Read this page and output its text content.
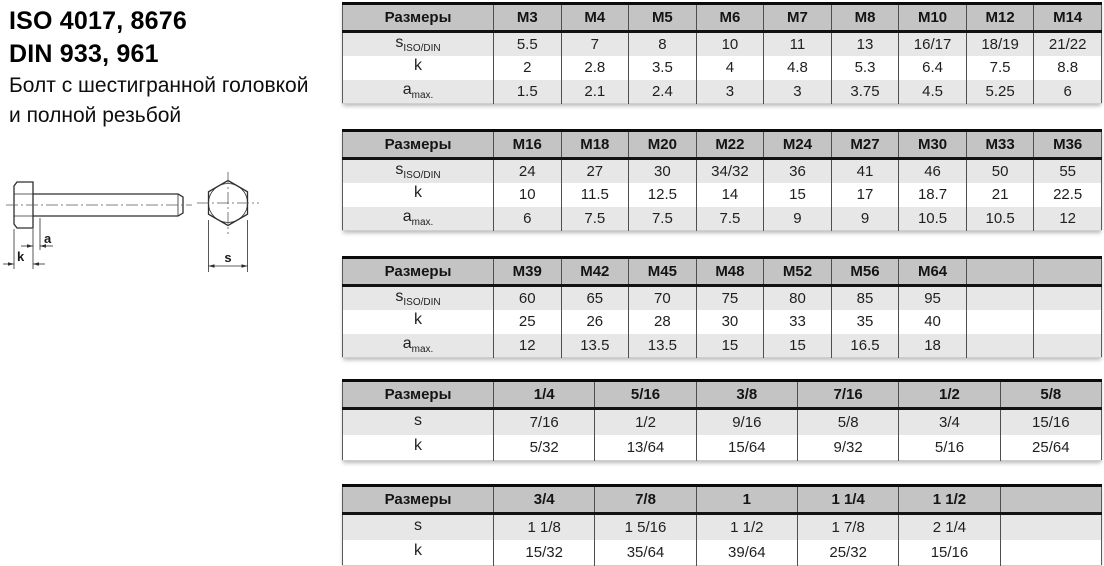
ISO 4017, 8676
DIN 933, 961
Болт с шестигранной головкой
и полной резьбой
a
k	s
Размеры	M3	M4	M5	M6	M7	M8	M10	M12	M14
$s_{ISO/DIN}$	5.5	7	8	10	11	13	16/17	18/19	21/22
k	2	2.8	3.5	4	4.8	5.3	6.4	7.5	8.8
$a_{max.}$	1.5	2.1	2.4	3	3	3.75	4.5	5.25	6
Размеры	M16	M18	M20	M22	M24	M27	M30	M33	M36
$s_{ISO/DIN}$	24	27	30	34/32	36	41	46	50	55
k	10	11.5	12.5	14	15	17	18.7	21	22.5
$a_{max.}$	6	7.5	7.5	7.5	9	9	10.5	10.5	12
Размеры	M39	M42	M45	M48	M52	M56	M64		
$s_{ISO/DIN}$	60	65	70	75	80	85	95		
k	25	26	28	30	33	35	40		
$a_{max.}$	12	13.5	13.5	15	15	16.5	18		
Размеры	1/4	5/16	3/8	7/16	1/2	5/8
s	7/16	1/2	9/16	5/8	3/4	15/16
k	5/32	13/64	15/64	9/32	5/16	25/64
Размеры	3/4	7/8	1	1 1/4	1 1/2	
s	1 1/8	1 5/16	1 1/2	1 7/8	2 1/4	
k	15/32	35/64	39/64	25/32	15/16	
